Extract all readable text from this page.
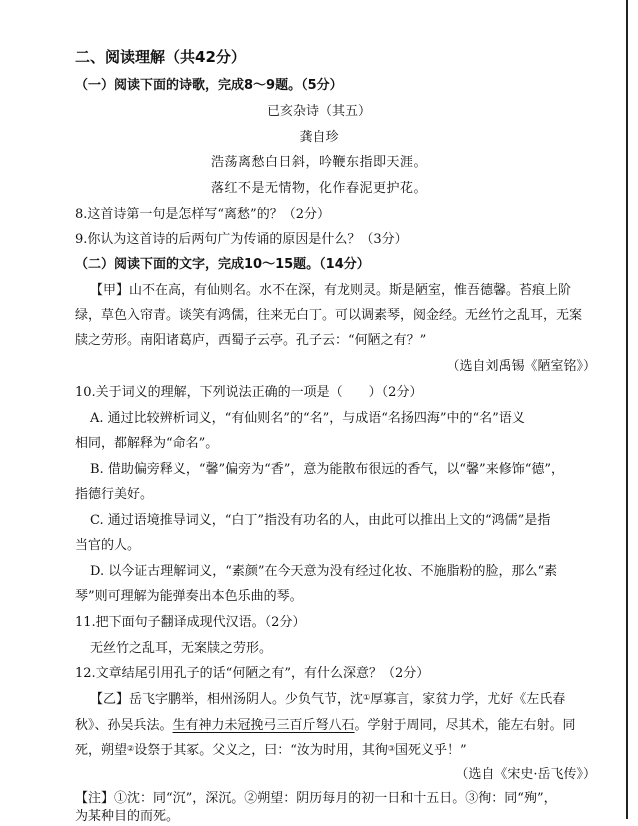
二、阅读理解（共42分）
（一）阅读下面的诗歌，完成8～9题。（5分）
已亥杂诗（其五）
龚自珍
浩荡离愁白日斜，吟鞭东指即天涯。
落红不是无情物，化作春泥更护花。
8.这首诗第一句是怎样写“离愁”的？（2分）
9.你认为这首诗的后两句广为传诵的原因是什么？（3分）
（二）阅读下面的文字，完成10～15题。（14分）
【甲】山不在高，有仙则名。水不在深，有龙则灵。斯是陋室，惟吾德馨。苔痕上阶
绿，草色入帘青。谈笑有鸿儒，往来无白丁。可以调素琴，阅金经。无丝竹之乱耳，无案
牍之劳形。南阳诸葛庐，西蜀子云亭。孔子云：“何陋之有？”
（选自刘禹锡《陋室铭》）
10.关于词义的理解，下列说法正确的一项是（　　）（2分）
A. 通过比较辨析词义，“有仙则名”的“名”，与成语“名扬四海”中的“名”语义
相同，都解释为“命名”。
B. 借助偏旁释义，“馨”偏旁为“香”，意为能散布很远的香气，以“馨”来修饰“德”，
指德行美好。
C. 通过语境推导词义，“白丁”指没有功名的人，由此可以推出上文的“鸿儒”是指
当官的人。
D. 以今证古理解词义，“素颜”在今天意为没有经过化妆、不施脂粉的脸，那么“素
琴”则可理解为能弹奏出本色乐曲的琴。
11.把下面句子翻译成现代汉语。（2分）
无丝竹之乱耳，无案牍之劳形。
12.文章结尾引用孔子的话“何陋之有”，有什么深意？（2分）
【乙】岳飞字鹏举，相州汤阴人。少负气节，沈①厚寡言，家贫力学，尤好《左氏春
秋》、孙吴兵法。生有神力未冠挽弓三百斤弩八石。学射于周同，尽其术，能左右射。同
死，朔望②设祭于其冢。父义之，曰：“汝为时用，其徇③国死义乎！”
（选自《宋史·岳飞传》）
【注】①沈：同“沉”，深沉。②朔望：阴历每月的初一日和十五日。③徇：同“殉”，
为某种目的而死。
